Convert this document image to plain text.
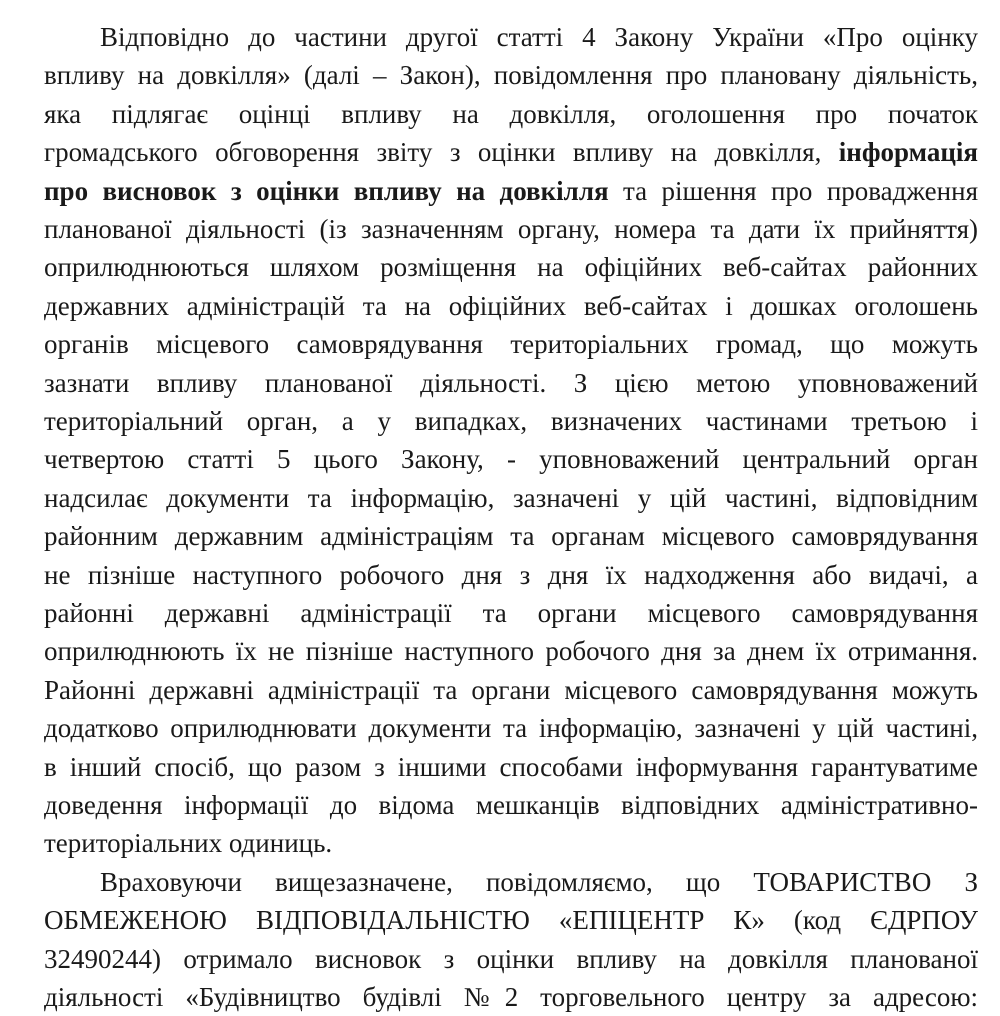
Відповідно до частини другої статті 4 Закону України «Про оцінку
впливу на довкілля» (далі – Закон), повідомлення про плановану діяльність,
яка підлягає оцінці впливу на довкілля, оголошення про початок
громадського обговорення звіту з оцінки впливу на довкілля, інформація
про висновок з оцінки впливу на довкілля та рішення про провадження
планованої діяльності (із зазначенням органу, номера та дати їх прийняття)
оприлюднюються шляхом розміщення на офіційних веб-сайтах районних
державних адміністрацій та на офіційних веб-сайтах і дошках оголошень
органів місцевого самоврядування територіальних громад, що можуть
зазнати впливу планованої діяльності. З цією метою уповноважений
територіальний орган, а у випадках, визначених частинами третьою і
четвертою статті 5 цього Закону, - уповноважений центральний орган
надсилає документи та інформацію, зазначені у цій частині, відповідним
районним державним адміністраціям та органам місцевого самоврядування
не пізніше наступного робочого дня з дня їх надходження або видачі, а
районні державні адміністрації та органи місцевого самоврядування
оприлюднюють їх не пізніше наступного робочого дня за днем їх отримання.
Районні державні адміністрації та органи місцевого самоврядування можуть
додатково оприлюднювати документи та інформацію, зазначені у цій частині,
в інший спосіб, що разом з іншими способами інформування гарантуватиме
доведення інформації до відома мешканців відповідних адміністративно-
територіальних одиниць.
Враховуючи вищезазначене, повідомляємо, що ТОВАРИСТВО З
ОБМЕЖЕНОЮ ВІДПОВІДАЛЬНІСТЮ «ЕПІЦЕНТР К» (код ЄДРПОУ
32490244) отримало висновок з оцінки впливу на довкілля планованої
діяльності «Будівництво будівлі №2 торговельного центру за адресою:
